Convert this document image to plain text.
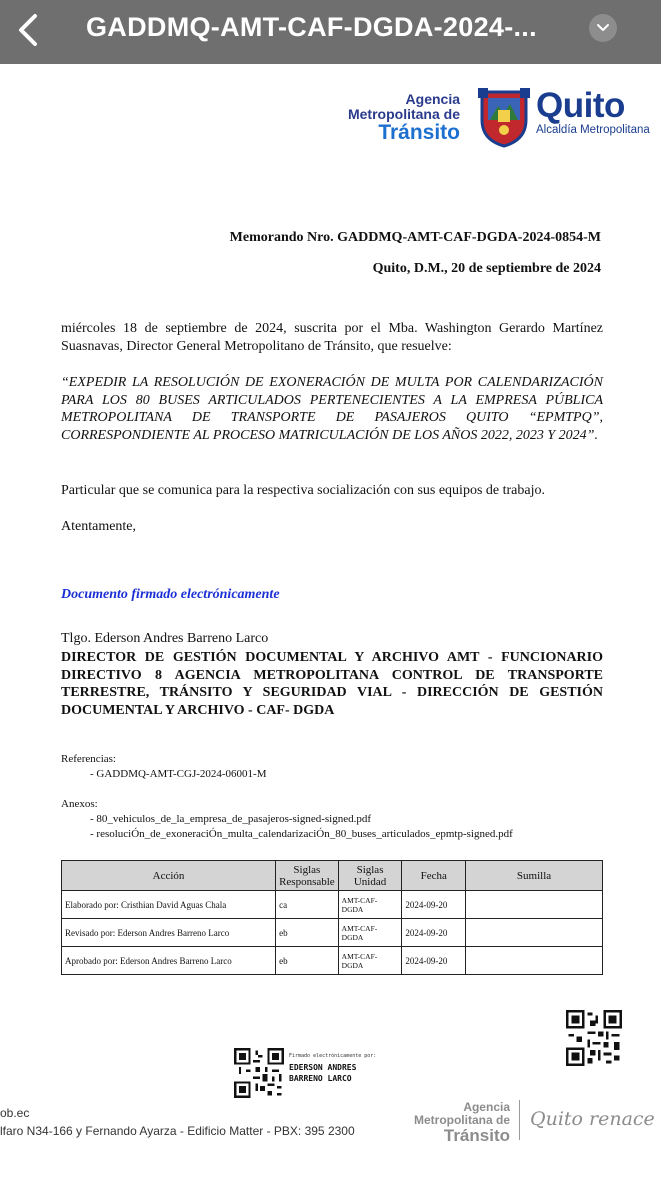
GADDMQ-AMT-CAF-DGDA-2024-...
Agencia
Metropolitana de
Tránsito
Quito
Alcaldía Metropolitana
Memorando Nro. GADDMQ-AMT-CAF-DGDA-2024-0854-M
Quito, D.M., 20 de septiembre de 2024
miércoles 18 de septiembre de 2024, suscrita por el Mba. Washington Gerardo Martínez Suasnavas, Director General Metropolitano de Tránsito, que resuelve:
“EXPEDIR LA RESOLUCIÓN DE EXONERACIÓN DE MULTA POR CALENDARIZACIÓN PARA LOS 80 BUSES ARTICULADOS PERTENECIENTES A LA EMPRESA PÚBLICA METROPOLITANA DE TRANSPORTE DE PASAJEROS QUITO “EPMTPQ”, CORRESPONDIENTE AL PROCESO MATRICULACIÓN DE LOS AÑOS 2022, 2023 Y 2024”.
Particular que se comunica para la respectiva socialización con sus equipos de trabajo.
Atentamente,
Documento firmado electrónicamente
Tlgo. Ederson Andres Barreno Larco
DIRECTOR DE GESTIÓN DOCUMENTAL Y ARCHIVO AMT - FUNCIONARIO DIRECTIVO 8 AGENCIA METROPOLITANA CONTROL DE TRANSPORTE TERRESTRE, TRÁNSITO Y SEGURIDAD VIAL - DIRECCIÓN DE GESTIÓN DOCUMENTAL Y ARCHIVO - CAF- DGDA
Referencias:
- GADDMQ-AMT-CGJ-2024-06001-M
Anexos:
- 80_vehiculos_de_la_empresa_de_pasajeros-signed-signed.pdf
- resoluciÓn_de_exoneraciÓn_multa_calendarizaciÓn_80_buses_articulados_epmtp-signed.pdf
Acción	Siglas Responsable	Siglas Unidad	Fecha	Sumilla
Elaborado por: Cristhian David Aguas Chala	ca	AMT-CAF-DGDA	2024-09-20	
Revisado por: Ederson Andres Barreno Larco	eb	AMT-CAF-DGDA	2024-09-20	
Aprobado por: Ederson Andres Barreno Larco	eb	AMT-CAF-DGDA	2024-09-20	
Firmado electrónicamente por:
EDERSON ANDRES
BARRENO LARCO
ob.ec
lfaro N34-166 y Fernando Ayarza - Edificio Matter - PBX: 395 2300
Agencia
Metropolitana de
Tránsito
Quito renace
